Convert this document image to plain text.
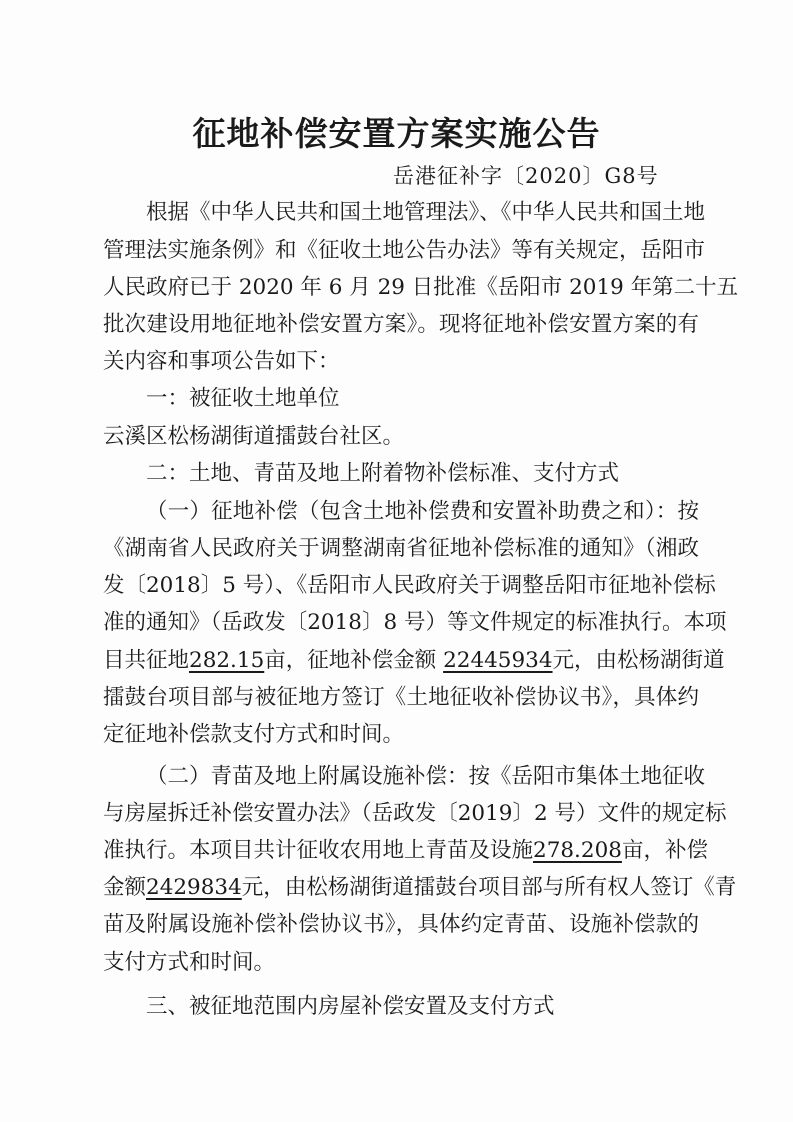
征地补偿安置方案实施公告
岳港征补字〔2020〕G8号
根据《中华人民共和国土地管理法》、《中华人民共和国土地
管理法实施条例》和《征收土地公告办法》等有关规定，岳阳市
人民政府已于 2020 年 6 月 29 日批准《岳阳市 2019 年第二十五
批次建设用地征地补偿安置方案》。现将征地补偿安置方案的有
关内容和事项公告如下：
一：被征收土地单位
云溪区松杨湖街道擂鼓台社区。
二：土地、青苗及地上附着物补偿标准、支付方式
（一）征地补偿（包含土地补偿费和安置补助费之和）：按
《湖南省人民政府关于调整湖南省征地补偿标准的通知》（湘政
发〔2018〕5 号）、《岳阳市人民政府关于调整岳阳市征地补偿标
准的通知》（岳政发〔2018〕8 号）等文件规定的标准执行。本项
目共征地282.15亩，征地补偿金额 22445934元，由松杨湖街道
擂鼓台项目部与被征地方签订《土地征收补偿协议书》，具体约
定征地补偿款支付方式和时间。
（二）青苗及地上附属设施补偿：按《岳阳市集体土地征收
与房屋拆迁补偿安置办法》（岳政发〔2019〕2 号）文件的规定标
准执行。本项目共计征收农用地上青苗及设施278.208亩，补偿
金额2429834元，由松杨湖街道擂鼓台项目部与所有权人签订《青
苗及附属设施补偿补偿协议书》，具体约定青苗、设施补偿款的
支付方式和时间。
三、被征地范围内房屋补偿安置及支付方式
